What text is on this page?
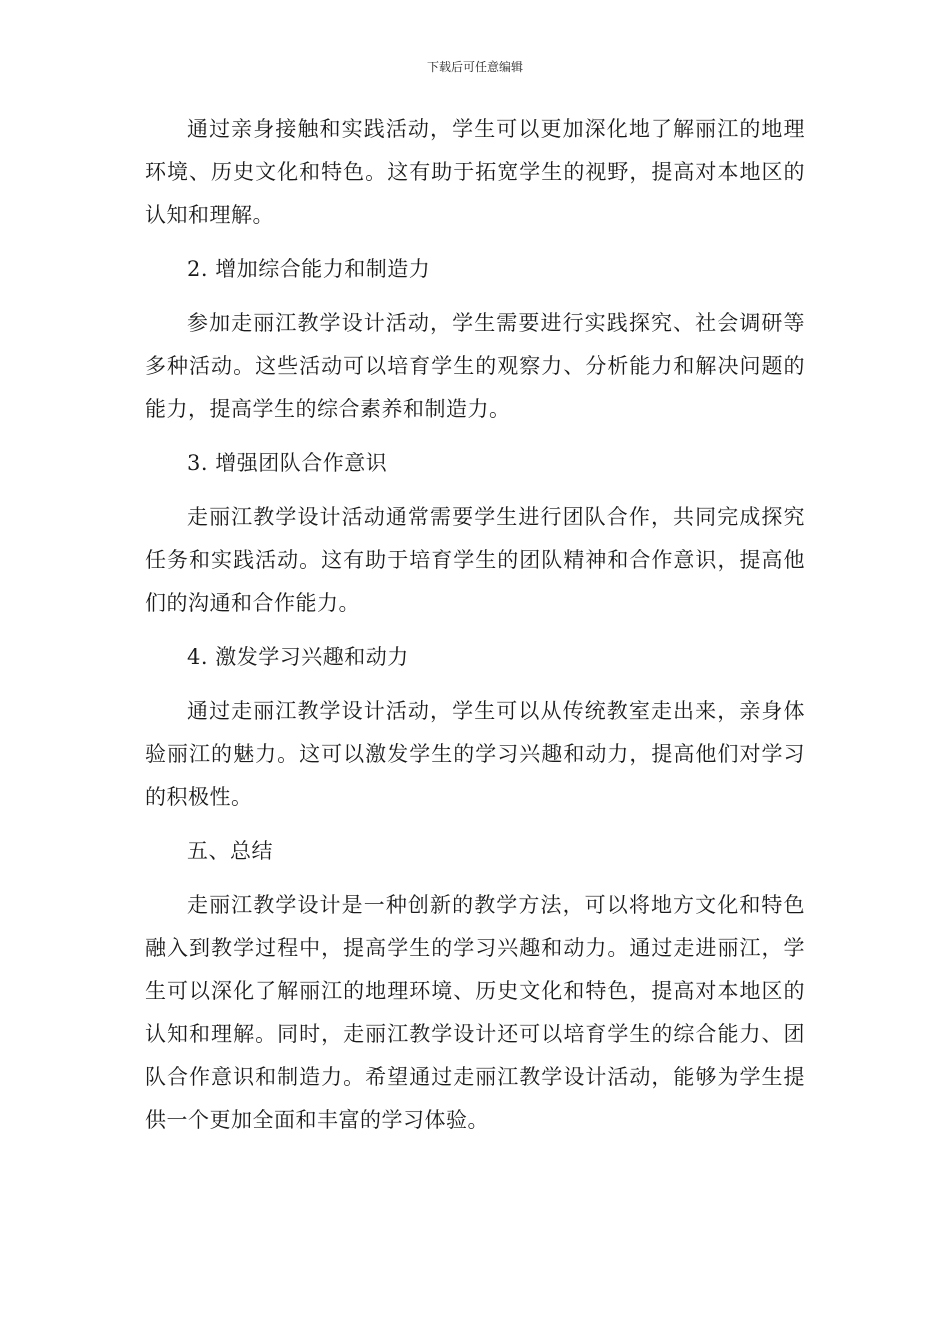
下载后可任意编辑

通过亲身接触和实践活动，学生可以更加深化地了解丽江的地理环境、历史文化和特色。这有助于拓宽学生的视野，提高对本地区的认知和理解。

2. 增加综合能力和制造力

参加走丽江教学设计活动，学生需要进行实践探究、社会调研等多种活动。这些活动可以培育学生的观察力、分析能力和解决问题的能力，提高学生的综合素养和制造力。

3. 增强团队合作意识

走丽江教学设计活动通常需要学生进行团队合作，共同完成探究任务和实践活动。这有助于培育学生的团队精神和合作意识，提高他们的沟通和合作能力。

4. 激发学习兴趣和动力

通过走丽江教学设计活动，学生可以从传统教室走出来，亲身体验丽江的魅力。这可以激发学生的学习兴趣和动力，提高他们对学习的积极性。

五、总结

走丽江教学设计是一种创新的教学方法，可以将地方文化和特色融入到教学过程中，提高学生的学习兴趣和动力。通过走进丽江，学生可以深化了解丽江的地理环境、历史文化和特色，提高对本地区的认知和理解。同时，走丽江教学设计还可以培育学生的综合能力、团队合作意识和制造力。希望通过走丽江教学设计活动，能够为学生提供一个更加全面和丰富的学习体验。
